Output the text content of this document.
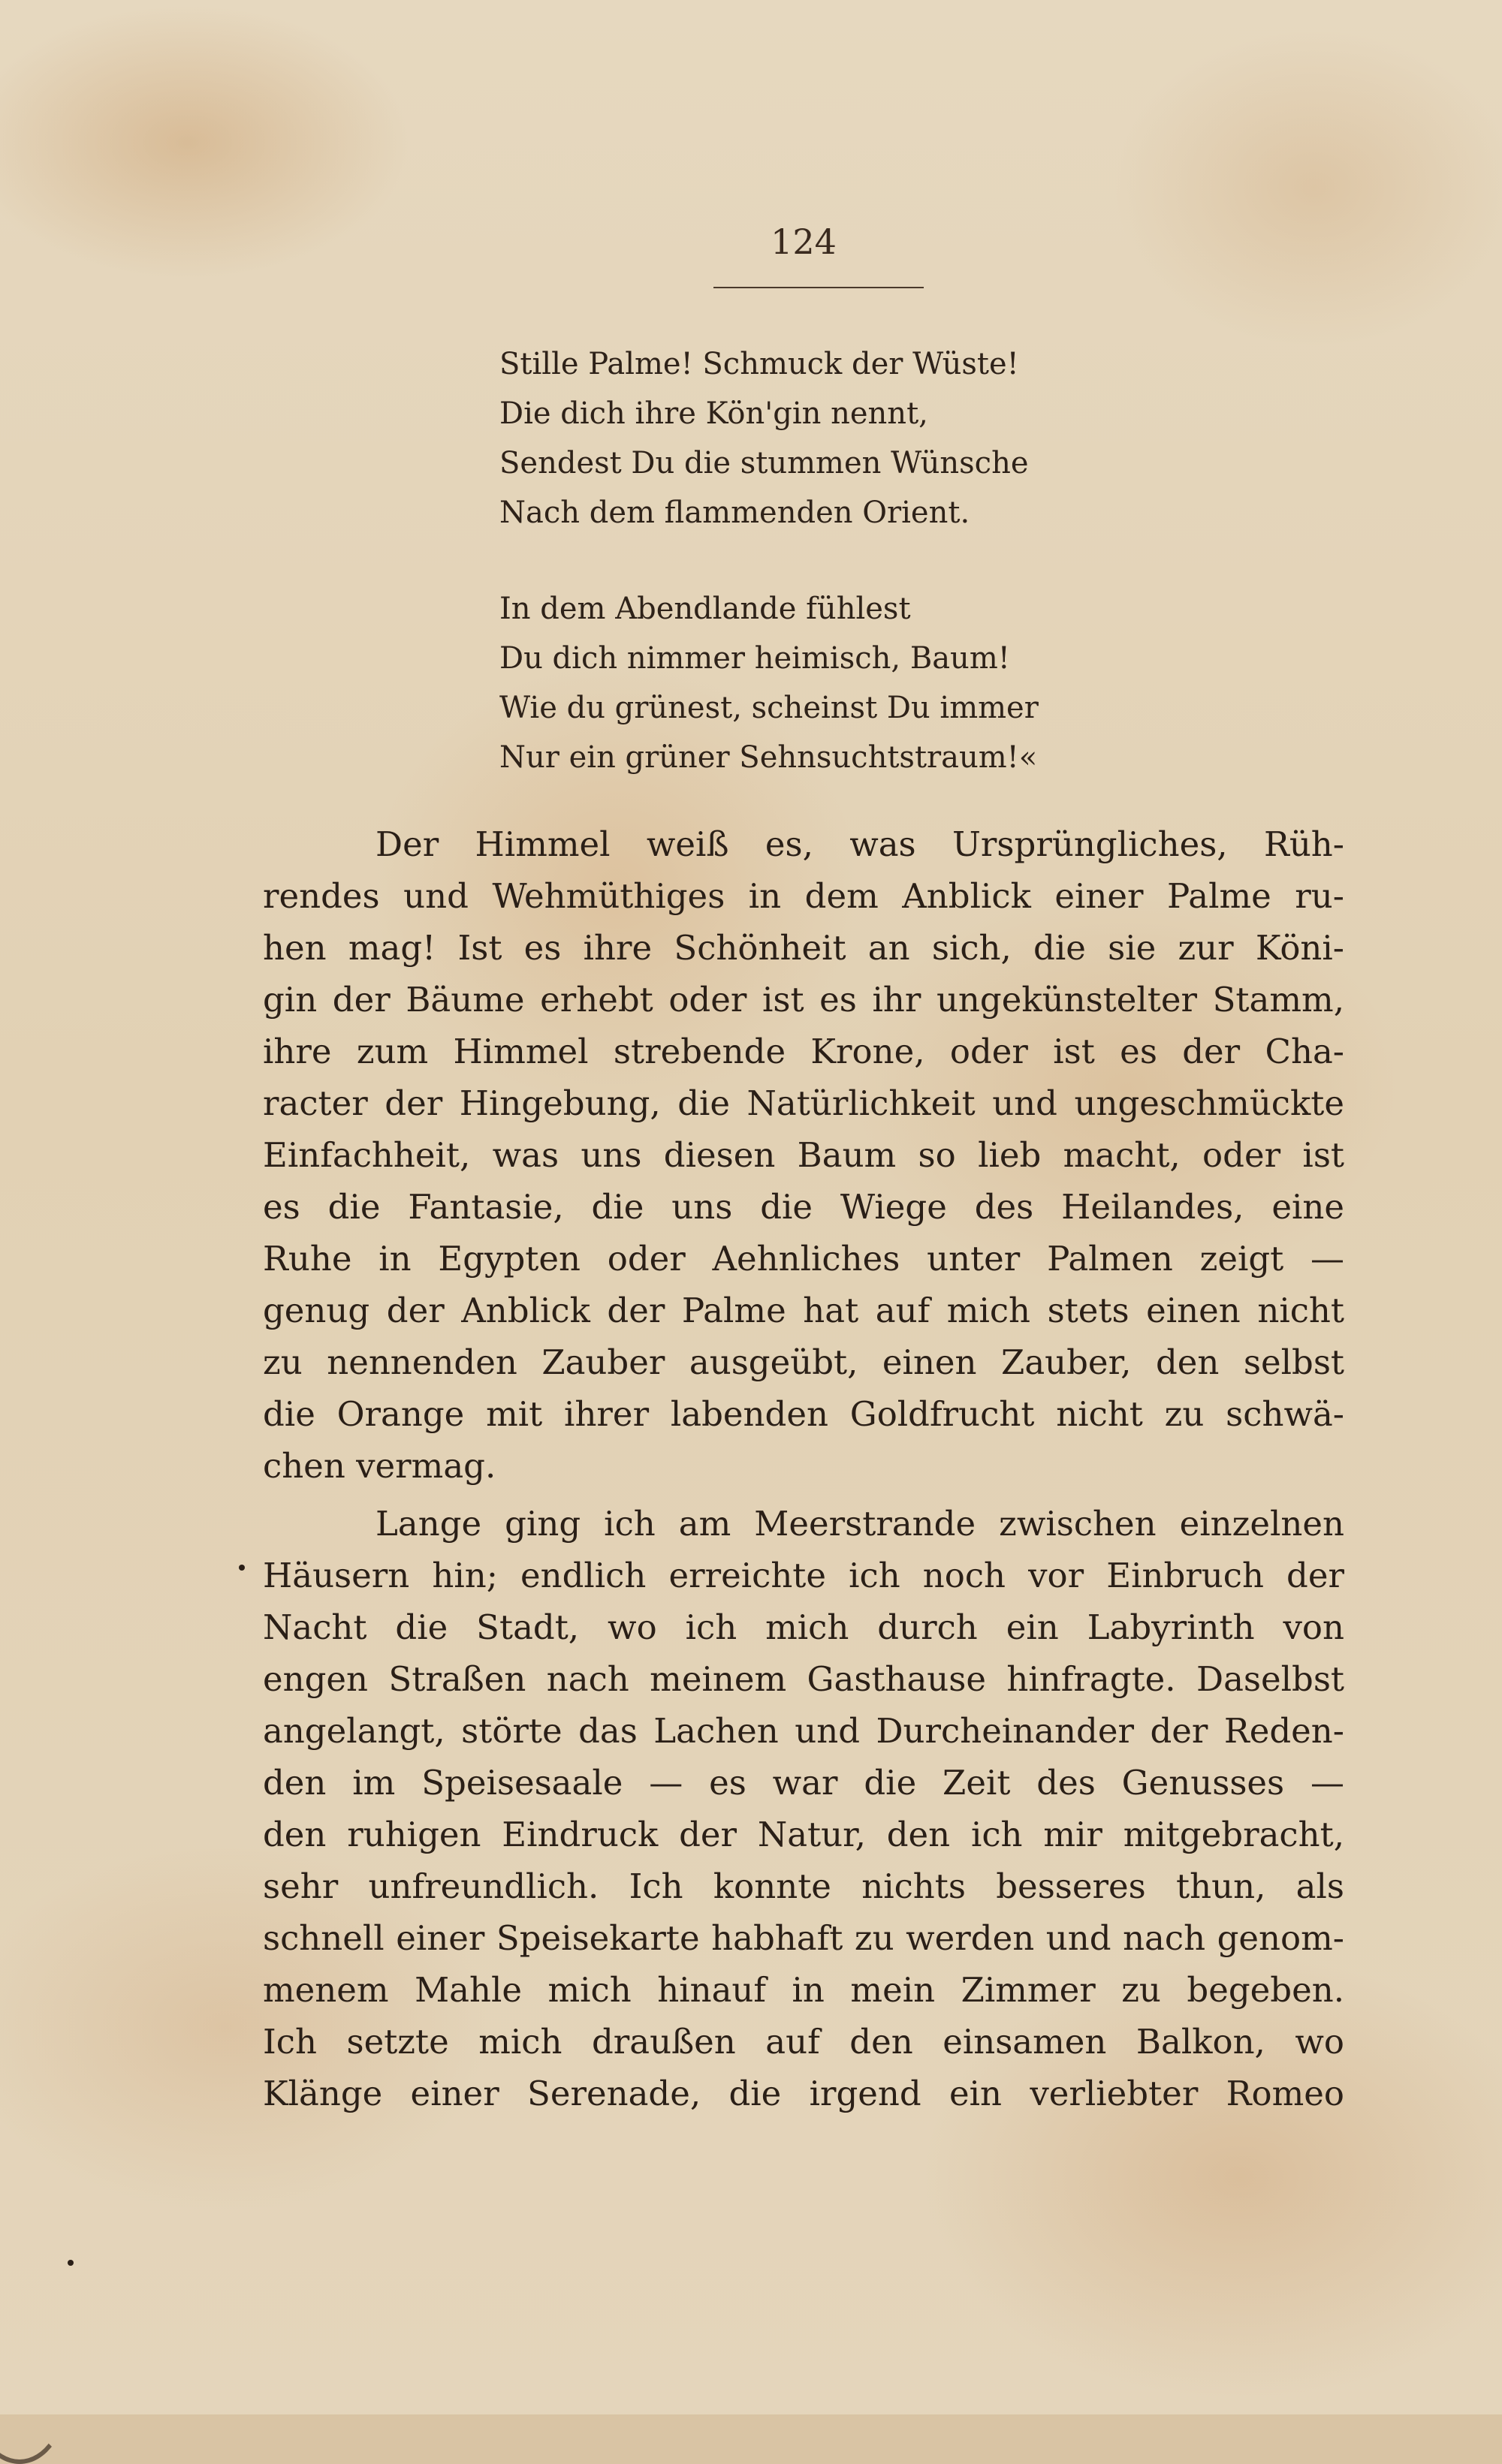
124
Stille Palme! Schmuck der Wüste!
Die dich ihre Kön'gin nennt,
Sendest Du die stummen Wünsche
Nach dem flammenden Orient.
In dem Abendlande fühlest
Du dich nimmer heimisch, Baum!
Wie du grünest, scheinst Du immer
Nur ein grüner Sehnsuchtstraum!«
Der Himmel weiß es, was Ursprüngliches, Rüh-
rendes und Wehmüthiges in dem Anblick einer Palme ru-
hen mag! Ist es ihre Schönheit an sich, die sie zur Köni-
gin der Bäume erhebt oder ist es ihr ungekünstelter Stamm,
ihre zum Himmel strebende Krone, oder ist es der Cha-
racter der Hingebung, die Natürlichkeit und ungeschmückte
Einfachheit, was uns diesen Baum so lieb macht, oder ist
es die Fantasie, die uns die Wiege des Heilandes, eine
Ruhe in Egypten oder Aehnliches unter Palmen zeigt —
genug der Anblick der Palme hat auf mich stets einen nicht
zu nennenden Zauber ausgeübt, einen Zauber, den selbst
die Orange mit ihrer labenden Goldfrucht nicht zu schwä-
chen vermag.
Lange ging ich am Meerstrande zwischen einzelnen
Häusern hin; endlich erreichte ich noch vor Einbruch der
Nacht die Stadt, wo ich mich durch ein Labyrinth von
engen Straßen nach meinem Gasthause hinfragte. Daselbst
angelangt, störte das Lachen und Durcheinander der Reden-
den im Speisesaale — es war die Zeit des Genusses —
den ruhigen Eindruck der Natur, den ich mir mitgebracht,
sehr unfreundlich. Ich konnte nichts besseres thun, als
schnell einer Speisekarte habhaft zu werden und nach genom-
menem Mahle mich hinauf in mein Zimmer zu begeben.
Ich setzte mich draußen auf den einsamen Balkon, wo
Klänge einer Serenade, die irgend ein verliebter Romeo
